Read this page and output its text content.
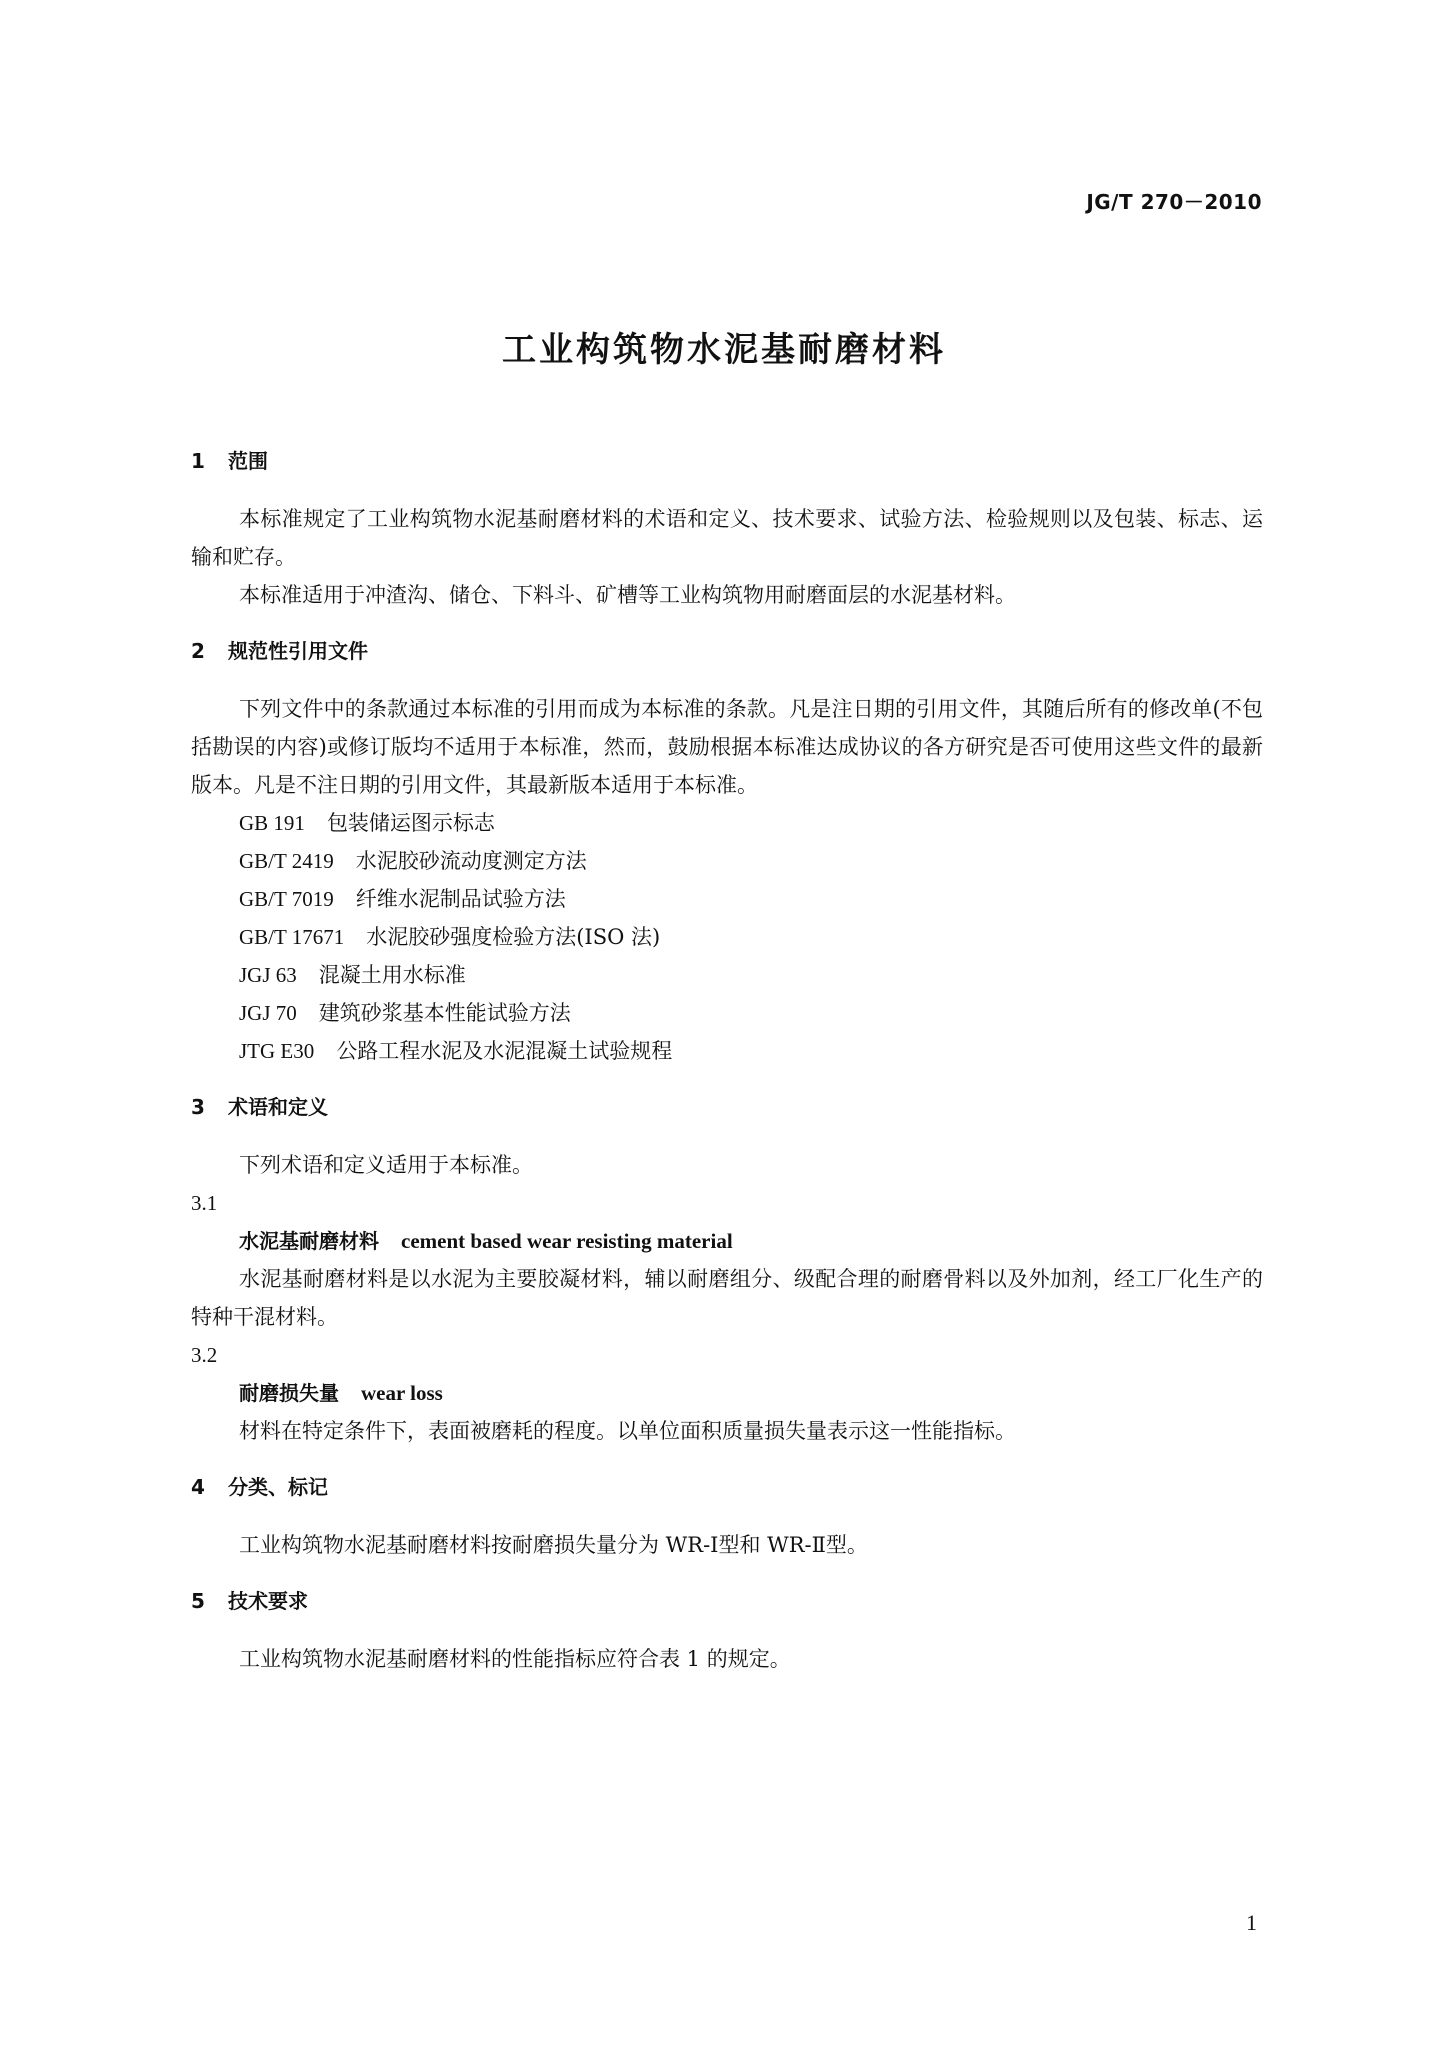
JG/T 270－2010
工业构筑物水泥基耐磨材料
1 范围

本标准规定了工业构筑物水泥基耐磨材料的术语和定义、技术要求、试验方法、检验规则以及包装、标志、运输和贮存。

本标准适用于冲渣沟、储仓、下料斗、矿槽等工业构筑物用耐磨面层的水泥基材料。

2 规范性引用文件

下列文件中的条款通过本标准的引用而成为本标准的条款。凡是注日期的引用文件，其随后所有的修改单(不包括勘误的内容)或修订版均不适用于本标准，然而，鼓励根据本标准达成协议的各方研究是否可使用这些文件的最新版本。凡是不注日期的引用文件，其最新版本适用于本标准。

GB 191 包装储运图示标志
GB/T 2419 水泥胶砂流动度测定方法
GB/T 7019 纤维水泥制品试验方法
GB/T 17671 水泥胶砂强度检验方法(ISO 法)
JGJ 63 混凝土用水标准
JGJ 70 建筑砂浆基本性能试验方法
JTG E30 公路工程水泥及水泥混凝土试验规程
3 术语和定义

下列术语和定义适用于本标准。

3.1

水泥基耐磨材料 cement based wear resisting material

水泥基耐磨材料是以水泥为主要胶凝材料，辅以耐磨组分、级配合理的耐磨骨料以及外加剂，经工厂化生产的特种干混材料。

3.2

耐磨损失量 wear loss

材料在特定条件下，表面被磨耗的程度。以单位面积质量损失量表示这一性能指标。

4 分类、标记

工业构筑物水泥基耐磨材料按耐磨损失量分为 WR-Ⅰ型和 WR-Ⅱ型。

5 技术要求

工业构筑物水泥基耐磨材料的性能指标应符合表 1 的规定。

1
